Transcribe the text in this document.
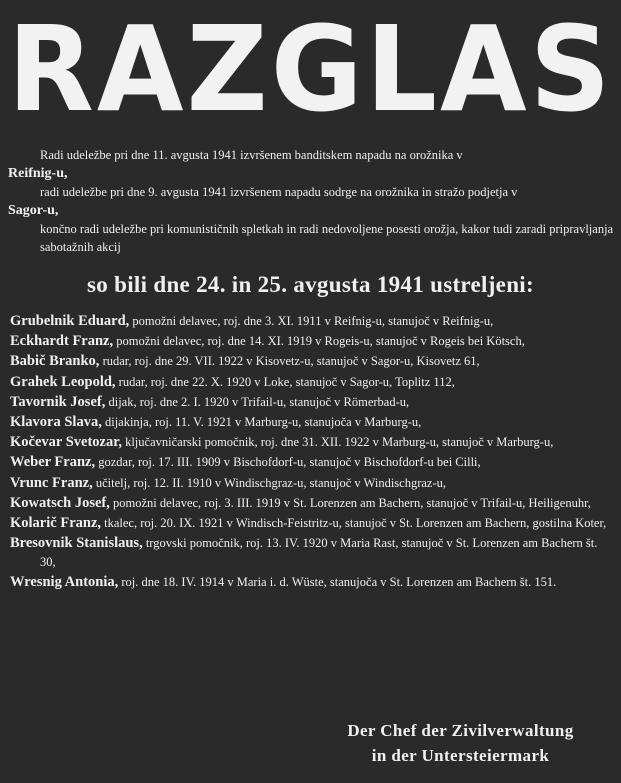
RAZGLAS
Radi udeležbe pri dne 11. avgusta 1941 izvršenem banditskem napadu na orožnika v
Reifnig-u,
radi udeležbe pri dne 9. avgusta 1941 izvršenem napadu sodrge na orožnika in stražo podjetja v
Sagor-u,
končno radi udeležbe pri komunističnih spletkah in radi nedovoljene posesti orožja, kakor tudi zaradi pripravljanja sabotažnih akcij
so bili dne 24. in 25. avgusta 1941 ustreljeni:
Grubelnik Eduard, pomožni delavec, roj. dne 3. XI. 1911 v Reifnig-u, stanujoč v Reifnig-u,
Eckhardt Franz, pomožni delavec, roj. dne 14. XI. 1919 v Rogeis-u, stanujoč v Rogeis bei Kötsch,
Babič Branko, rudar, roj. dne 29. VII. 1922 v Kisovetz-u, stanujoč v Sagor-u, Kisovetz 61,
Grahek Leopold, rudar, roj. dne 22. X. 1920 v Loke, stanujoč v Sagor-u, Toplitz 112,
Tavornik Josef, dijak, roj. dne 2. I. 1920 v Trifail-u, stanujoč v Römerbad-u,
Klavora Slava, dijakinja, roj. 11. V. 1921 v Marburg-u, stanujoča v Marburg-u,
Kočevar Svetozar, ključavničarski pomočnik, roj. dne 31. XII. 1922 v Marburg-u, stanujoč v Marburg-u,
Weber Franz, gozdar, roj. 17. III. 1909 v Bischofdorf-u, stanujoč v Bischofdorf-u bei Cilli,
Vrunc Franz, učitelj, roj. 12. II. 1910 v Windischgraz-u, stanujoč v Windischgraz-u,
Kowatsch Josef, pomožni delavec, roj. 3. III. 1919 v St. Lorenzen am Bachern, stanujoč v Trifail-u, Heiligenuhr,
Kolarič Franz, tkalec, roj. 20. IX. 1921 v Windisch-Feistritz-u, stanujoč v St. Lorenzen am Bachern, gostilna Koter,
Bresovnik Stanislaus, trgovski pomočnik, roj. 13. IV. 1920 v Maria Rast, stanujoč v St. Lorenzen am Bachern št. 30,
Wresnig Antonia, roj. dne 18. IV. 1914 v Maria i. d. Wüste, stanujoča v St. Lorenzen am Bachern št. 151.
Der Chef der Zivilverwaltung
in der Untersteiermark
